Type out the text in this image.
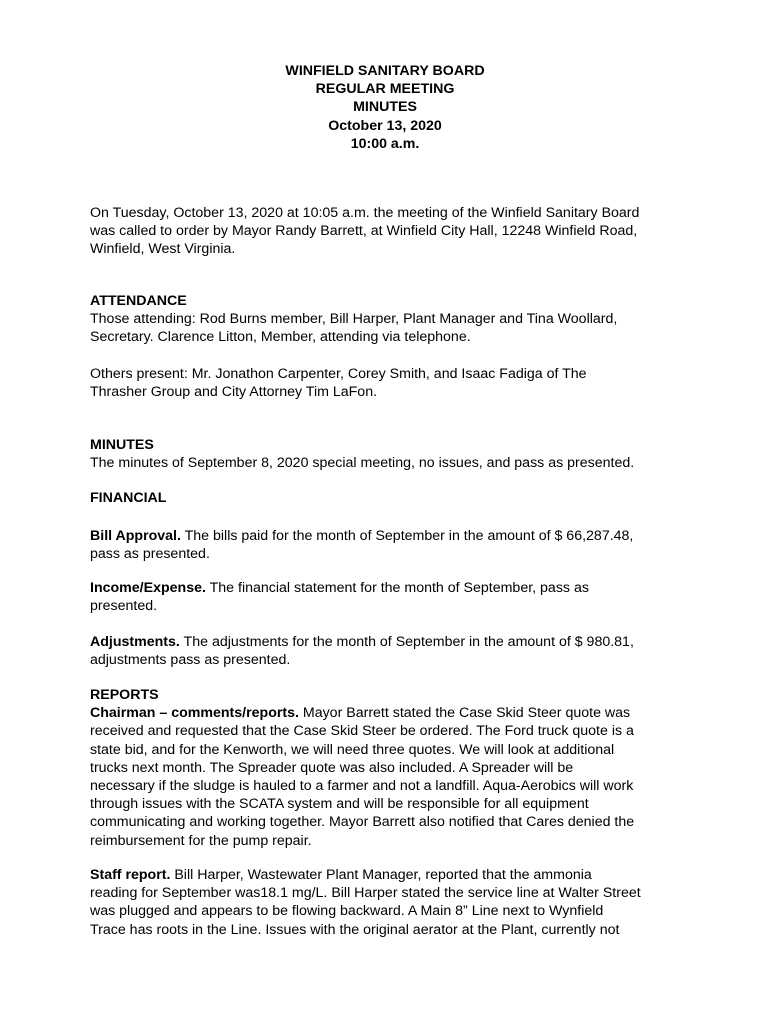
WINFIELD SANITARY BOARD
REGULAR MEETING
MINUTES
October 13, 2020
10:00 a.m.
On Tuesday, October 13, 2020 at 10:05 a.m. the meeting of the Winfield Sanitary Board
was called to order by Mayor Randy Barrett, at Winfield City Hall, 12248 Winfield Road,
Winfield, West Virginia.
ATTENDANCE
Those attending: Rod Burns member, Bill Harper, Plant Manager and Tina Woollard,
Secretary. Clarence Litton, Member, attending via telephone.
Others present: Mr. Jonathon Carpenter, Corey Smith, and Isaac Fadiga of The
Thrasher Group and City Attorney Tim LaFon.
MINUTES
The minutes of September 8, 2020 special meeting, no issues, and pass as presented.
FINANCIAL
Bill Approval. The bills paid for the month of September in the amount of $ 66,287.48,
pass as presented.
Income/Expense. The financial statement for the month of September, pass as
presented.
Adjustments. The adjustments for the month of September in the amount of $ 980.81,
adjustments pass as presented.
REPORTS
Chairman – comments/reports. Mayor Barrett stated the Case Skid Steer quote was
received and requested that the Case Skid Steer be ordered. The Ford truck quote is a
state bid, and for the Kenworth, we will need three quotes. We will look at additional
trucks next month. The Spreader quote was also included. A Spreader will be
necessary if the sludge is hauled to a farmer and not a landfill. Aqua-Aerobics will work
through issues with the SCATA system and will be responsible for all equipment
communicating and working together. Mayor Barrett also notified that Cares denied the
reimbursement for the pump repair.
Staff report. Bill Harper, Wastewater Plant Manager, reported that the ammonia
reading for September was18.1 mg/L. Bill Harper stated the service line at Walter Street
was plugged and appears to be flowing backward. A Main 8” Line next to Wynfield
Trace has roots in the Line. Issues with the original aerator at the Plant, currently not
